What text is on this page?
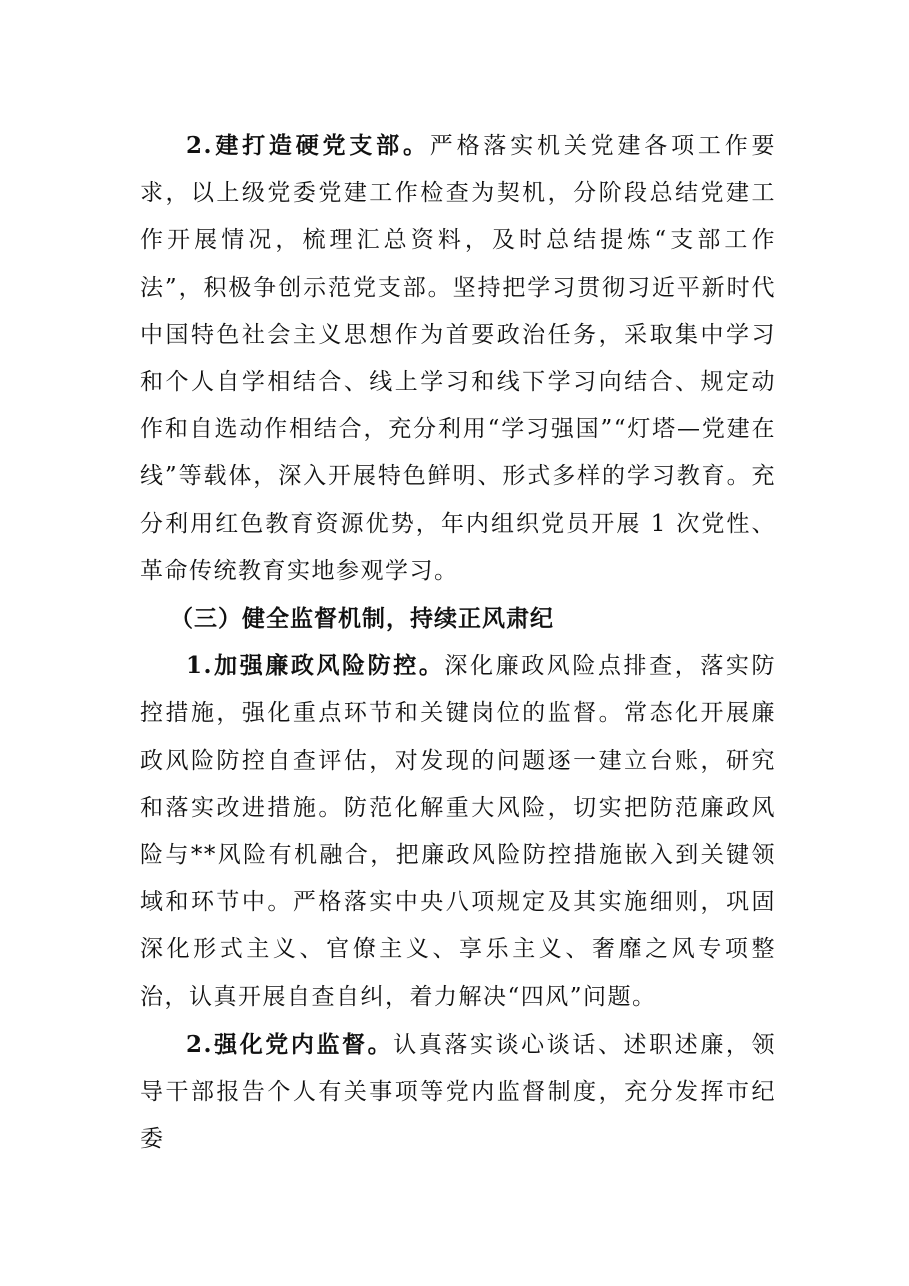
2.建打造硬党支部。严格落实机关党建各项工作要求，以上级党委党建工作检查为契机，分阶段总结党建工作开展情况，梳理汇总资料，及时总结提炼“支部工作法”，积极争创示范党支部。坚持把学习贯彻习近平新时代中国特色社会主义思想作为首要政治任务，采取集中学习和个人自学相结合、线上学习和线下学习向结合、规定动作和自选动作相结合，充分利用“学习强国”“灯塔—党建在线”等载体，深入开展特色鲜明、形式多样的学习教育。充分利用红色教育资源优势，年内组织党员开展 1 次党性、革命传统教育实地参观学习。

（三）健全监督机制，持续正风肃纪

1.加强廉政风险防控。深化廉政风险点排查，落实防控措施，强化重点环节和关键岗位的监督。常态化开展廉政风险防控自查评估，对发现的问题逐一建立台账，研究和落实改进措施。防范化解重大风险，切实把防范廉政风险与**风险有机融合，把廉政风险防控措施嵌入到关键领域和环节中。严格落实中央八项规定及其实施细则，巩固深化形式主义、官僚主义、享乐主义、奢靡之风专项整治，认真开展自查自纠，着力解决“四风”问题。

2.强化党内监督。认真落实谈心谈话、述职述廉，领导干部报告个人有关事项等党内监督制度，充分发挥市纪委
